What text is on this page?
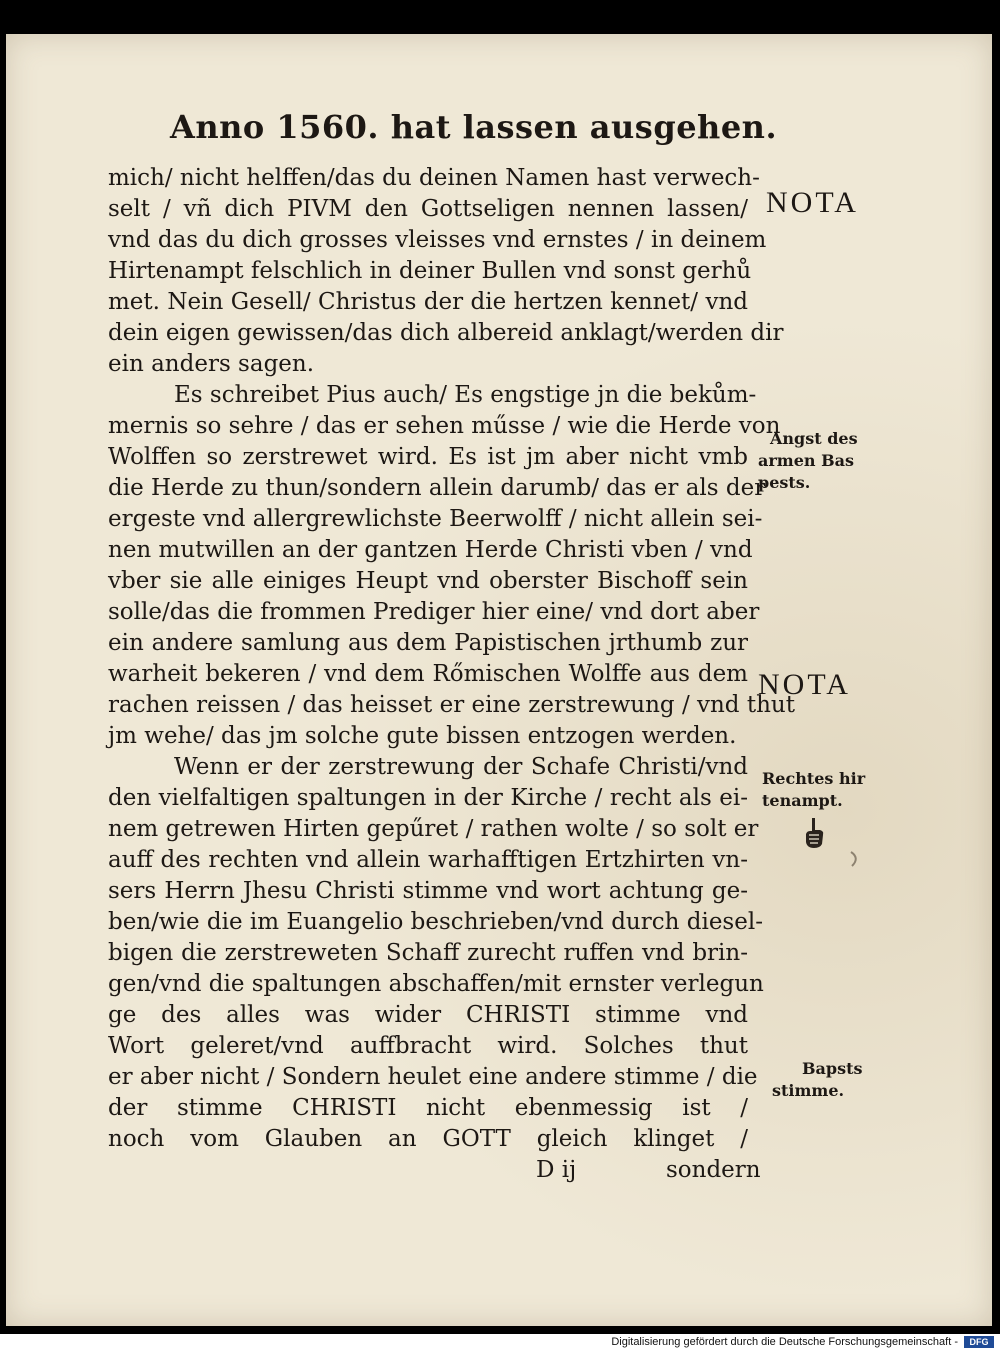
Anno 1560. hat lassen ausgehen.
mich/ nicht helffen/das du deinen Namen hast verwech-
selt / vñ dich PIVM den Gottseligen nennen lassen/
vnd das du dich grosses vleisses vnd ernstes / in deinem
Hirtenampt felschlich in deiner Bullen vnd sonst gerhů
met. Nein Gesell/ Christus der die hertzen kennet/ vnd
dein eigen gewissen/das dich albereid anklagt/werden dir
ein anders sagen.
Es schreibet Pius auch/ Es engstige jn die bekům-
mernis so sehre / das er sehen műsse / wie die Herde von
Wolffen so zerstrewet wird. Es ist jm aber nicht vmb
die Herde zu thun/sondern allein darumb/ das er als der
ergeste vnd allergrewlichste Beerwolff / nicht allein sei-
nen mutwillen an der gantzen Herde Christi vben / vnd
vber sie alle einiges Heupt vnd oberster Bischoff sein
solle/das die frommen Prediger hier eine/ vnd dort aber
ein andere samlung aus dem Papistischen jrthumb zur
warheit bekeren / vnd dem Rőmischen Wolffe aus dem
rachen reissen / das heisset er eine zerstrewung / vnd thut
jm wehe/ das jm solche gute bissen entzogen werden.
Wenn er der zerstrewung der Schafe Christi/vnd
den vielfaltigen spaltungen in der Kirche / recht als ei-
nem getrewen Hirten gepűret / rathen wolte / so solt er
auff des rechten vnd allein warhafftigen Ertzhirten vn-
sers Herrn Jhesu Christi stimme vnd wort achtung ge-
ben/wie die im Euangelio beschrieben/vnd durch diesel-
bigen die zerstreweten Schaff zurecht ruffen vnd brin-
gen/vnd die spaltungen abschaffen/mit ernster verlegun
ge des alles was wider CHRISTI stimme vnd
Wort geleret/vnd auffbracht wird. Solches thut
er aber nicht / Sondern heulet eine andere stimme / die
der stimme CHRISTI nicht ebenmessig ist /
noch vom Glauben an GOTT gleich klinget /
D ij	sondern
NOTA
Angst des
armen Bas
pests.
NOTA
Rechtes hir
tenampt.
Bapsts
stimme.
Digitalisierung gefördert durch die Deutsche Forschungsgemeinschaft -	DFG
